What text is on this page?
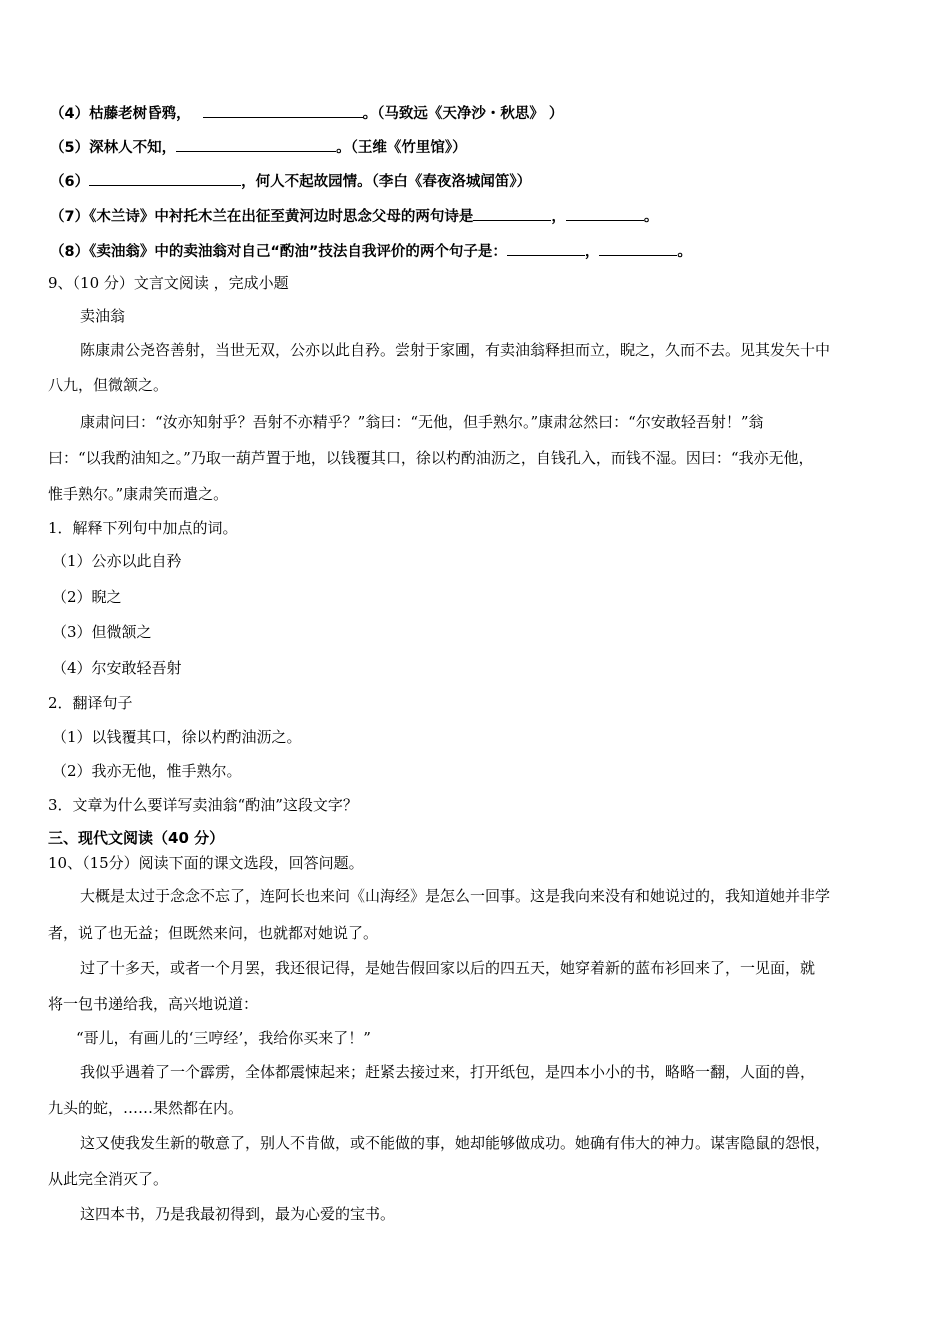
（4）枯藤老树昏鸦，	。（马致远《天净沙・秋思》 ）
（5）深林人不知，	。（王维《竹里馆》）
（6）	，何人不起故园情。（李白《春夜洛城闻笛》）
（7）《木兰诗》中衬托木兰在出征至黄河边时思念父母的两句诗是	，	。
（8）《卖油翁》中的卖油翁对自己“酌油”技法自我评价的两个句子是：	，	。
9、（10 分）文言文阅读 ，完成小题
卖油翁
陈康肃公尧咨善射，当世无双，公亦以此自矜。尝射于家圃，有卖油翁释担而立，睨之，久而不去。见其发矢十中
八九，但微颔之。
康肃问曰：“汝亦知射乎？吾射不亦精乎？”翁曰：“无他，但手熟尔。”康肃忿然曰：“尔安敢轻吾射！”翁
曰：“以我酌油知之。”乃取一葫芦置于地，以钱覆其口，徐以杓酌油沥之，自钱孔入，而钱不湿。因曰：“我亦无他，
惟手熟尔。”康肃笑而遣之。
1．解释下列句中加点的词。
（1）公亦以此自矜
（2）睨之
（3）但微颔之
（4）尔安敢轻吾射
2．翻译句子
（1）以钱覆其口，徐以杓酌油沥之。
（2）我亦无他，惟手熟尔。
3．文章为什么要详写卖油翁“酌油”这段文字？
三、现代文阅读（40 分）
10、（15分）阅读下面的课文选段，回答问题。
大概是太过于念念不忘了，连阿长也来问《山海经》是怎么一回事。这是我向来没有和她说过的，我知道她并非学
者，说了也无益；但既然来问，也就都对她说了。
过了十多天，或者一个月罢，我还很记得，是她告假回家以后的四五天，她穿着新的蓝布衫回来了，一见面，就
将一包书递给我，高兴地说道：
“哥儿，有画儿的‘三哼经’，我给你买来了！”
我似乎遇着了一个霹雳，全体都震悚起来；赶紧去接过来，打开纸包，是四本小小的书，略略一翻，人面的兽，
九头的蛇，……果然都在内。
这又使我发生新的敬意了，别人不肯做，或不能做的事，她却能够做成功。她确有伟大的神力。谋害隐鼠的怨恨，
从此完全消灭了。
这四本书，乃是我最初得到，最为心爱的宝书。
